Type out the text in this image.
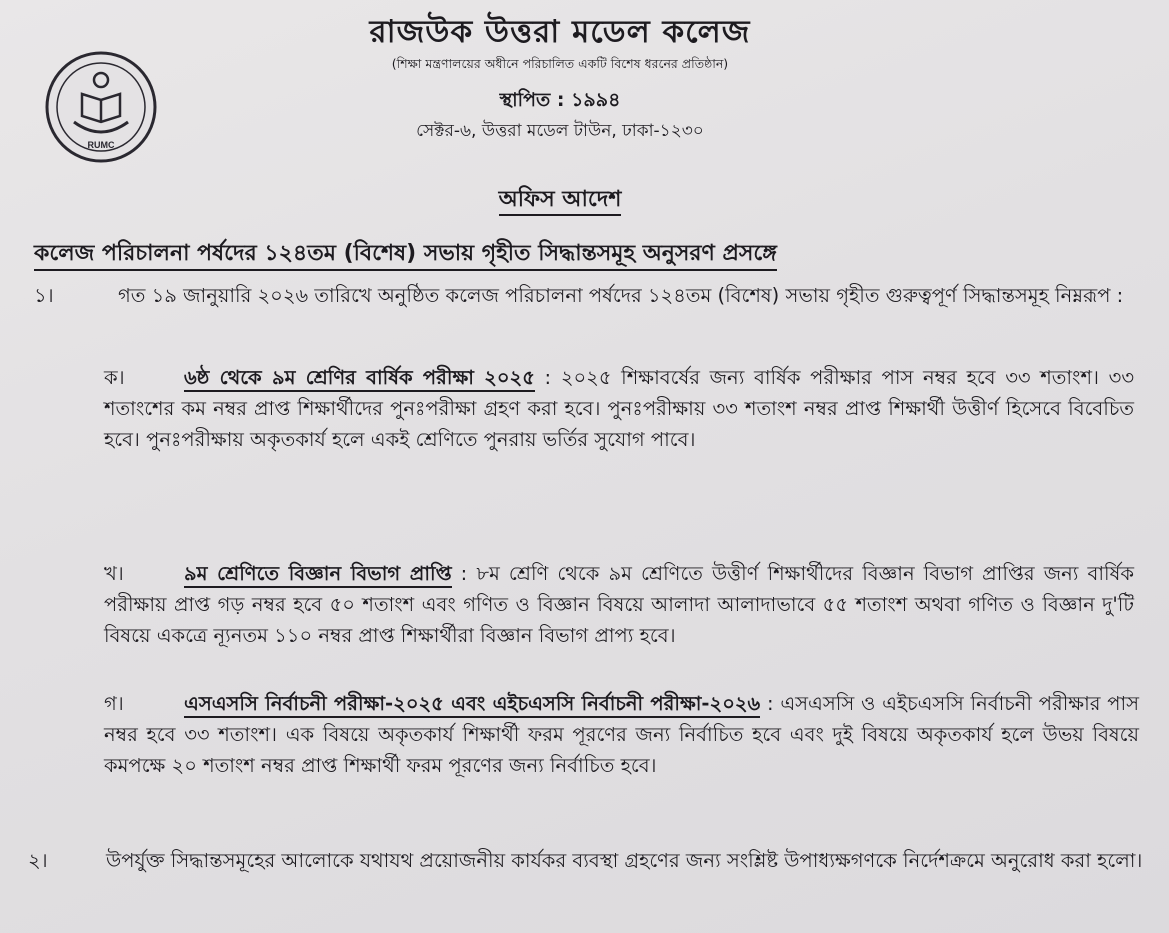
RUMC
রাজউক উত্তরা মডেল কলেজ
(শিক্ষা মন্ত্রণালয়ের অধীনে পরিচালিত একটি বিশেষ ধরনের প্রতিষ্ঠান)
স্থাপিত : ১৯৯৪
সেক্টর-৬, উত্তরা মডেল টাউন, ঢাকা-১২৩০
অফিস আদেশ
কলেজ পরিচালনা পর্ষদের ১২৪তম (বিশেষ) সভায় গৃহীত সিদ্ধান্তসমূহ অনুসরণ প্রসঙ্গে
১।	গত ১৯ জানুয়ারি ২০২৬ তারিখে অনুষ্ঠিত কলেজ পরিচালনা পর্ষদের ১২৪তম (বিশেষ) সভায় গৃহীত গুরুত্বপূর্ণ সিদ্ধান্তসমূহ নিম্নরূপ :
ক।	৬ষ্ঠ থেকে ৯ম শ্রেণির বার্ষিক পরীক্ষা ২০২৫ : ২০২৫ শিক্ষাবর্ষের জন্য বার্ষিক পরীক্ষার পাস নম্বর হবে ৩৩ শতাংশ। ৩৩ শতাংশের কম নম্বর প্রাপ্ত শিক্ষার্থীদের পুনঃপরীক্ষা গ্রহণ করা হবে। পুনঃপরীক্ষায় ৩৩ শতাংশ নম্বর প্রাপ্ত শিক্ষার্থী উত্তীর্ণ হিসেবে বিবেচিত হবে। পুনঃপরীক্ষায় অকৃতকার্য হলে একই শ্রেণিতে পুনরায় ভর্তির সুযোগ পাবে।
খ।	৯ম শ্রেণিতে বিজ্ঞান বিভাগ প্রাপ্তি : ৮ম শ্রেণি থেকে ৯ম শ্রেণিতে উত্তীর্ণ শিক্ষার্থীদের বিজ্ঞান বিভাগ প্রাপ্তির জন্য বার্ষিক পরীক্ষায় প্রাপ্ত গড় নম্বর হবে ৫০ শতাংশ এবং গণিত ও বিজ্ঞান বিষয়ে আলাদা আলাদাভাবে ৫৫ শতাংশ অথবা গণিত ও বিজ্ঞান দু'টি বিষয়ে একত্রে ন্যূনতম ১১০ নম্বর প্রাপ্ত শিক্ষার্থীরা বিজ্ঞান বিভাগ প্রাপ্য হবে।
গ।	এসএসসি নির্বাচনী পরীক্ষা-২০২৫ এবং এইচএসসি নির্বাচনী পরীক্ষা-২০২৬ : এসএসসি ও এইচএসসি নির্বাচনী পরীক্ষার পাস নম্বর হবে ৩৩ শতাংশ। এক বিষয়ে অকৃতকার্য শিক্ষার্থী ফরম পূরণের জন্য নির্বাচিত হবে এবং দুই বিষয়ে অকৃতকার্য হলে উভয় বিষয়ে কমপক্ষে ২০ শতাংশ নম্বর প্রাপ্ত শিক্ষার্থী ফরম পূরণের জন্য নির্বাচিত হবে।
২।	উপর্যুক্ত সিদ্ধান্তসমূহের আলোকে যথাযথ প্রয়োজনীয় কার্যকর ব্যবস্থা গ্রহণের জন্য সংশ্লিষ্ট উপাধ্যক্ষগণকে নির্দেশক্রমে অনুরোধ করা হলো।
